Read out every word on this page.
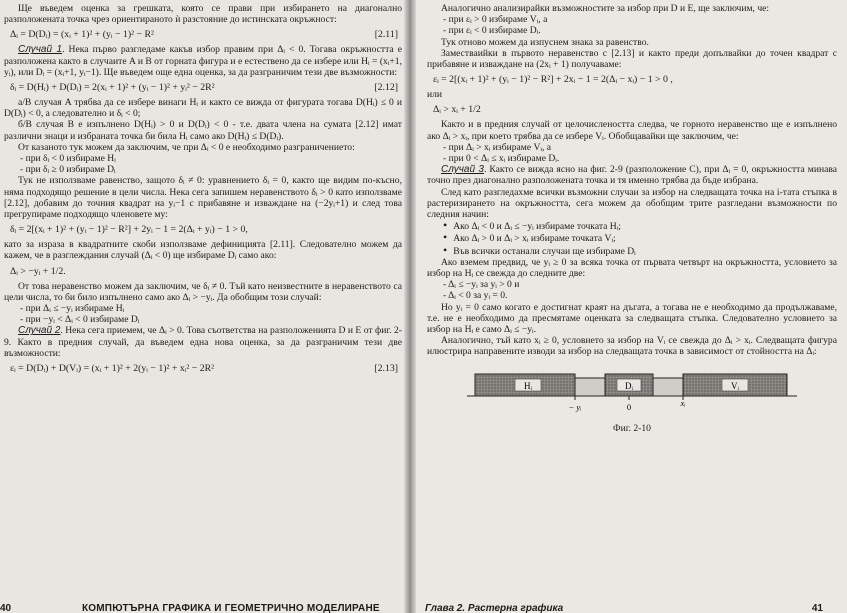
Ще въведем оценка за грешката, която се прави при избирането на диагонално разположената точка чрез ориентираното ѝ разстояние до истинската окръжност:

Δᵢ = D(Dᵢ) = (xᵢ + 1)² + (yᵢ − 1)² − R²	[2.11]

Случай 1. Нека първо разгледаме какъв избор правим при Δᵢ < 0. Тогава окръжността е разположена както в случаите A и B от горната фигура и е естествено да се избере или Hᵢ = (xᵢ+1, yᵢ), или Dᵢ = (xᵢ+1, yᵢ−1). Ще въведем още една оценка, за да разграничим тези две възможности:

δᵢ = D(Hᵢ) + D(Dᵢ) = 2(xᵢ + 1)² + (yᵢ − 1)² + yᵢ² − 2R²	[2.12]

а/В случая A трябва да се избере винаги Hᵢ и както се вижда от фигурата тогава D(Hᵢ) ≤ 0 и D(Dᵢ) < 0, а следователно и δᵢ < 0;

б/В случая B е изпълнено D(Hᵢ) > 0 и D(Dᵢ) < 0 - т.е. двата члена на сумата [2.12] имат различни знаци и избраната точка би била Hᵢ само ако D(Hᵢ) ≤ D(Dᵢ).

От казаното тук можем да заключим, че при Δᵢ < 0 е необходимо разграничението:

- при δᵢ < 0 избираме Hᵢ
- при δᵢ ≥ 0 избираме Dᵢ

Тук не използваме равенство, защото δᵢ ≠ 0: уравнението δᵢ = 0, както ще видим по-късно, няма подходящо решение в цели числа. Нека сега запишем неравенството δᵢ > 0 като използваме [2.12], добавим до точния квадрат на yᵢ−1 с прибавяне и изваждане на (−2yᵢ+1) и след това прегрупираме подходящо членовете му:

δᵢ = 2[(xᵢ + 1)² + (yᵢ − 1)² − R²] + 2yᵢ − 1 = 2(Δᵢ + yᵢ) − 1 > 0,

като за израза в квадратните скоби използваме дефиницията [2.11]. Следователно можем да кажем, че в разглеждания случай (Δᵢ < 0) ще избираме Dᵢ само ако:

Δᵢ > −yᵢ + 1/2.

От това неравенство можем да заключим, че δᵢ ≠ 0. Тъй като неизвестните в неравенството са цели числа, то би било изпълнено само ако Δᵢ > −yᵢ. Да обобщим този случай:

- при Δᵢ ≤ −yᵢ избираме Hᵢ
- при −yᵢ < Δᵢ < 0 избираме Dᵢ

Случай 2. Нека сега приемем, че Δᵢ > 0. Това съответства на разположенията D и E от фиг. 2-9. Както в предния случай, да въведем една нова оценка, за да разграничим тези две възможности:

εᵢ = D(Dᵢ) + D(Vᵢ) = (xᵢ + 1)² + 2(yᵢ − 1)² + xᵢ² − 2R²	[2.13]
40	КОМПЮТЪРНА ГРАФИКА И ГЕОМЕТРИЧНО МОДЕЛИРАНЕ

Аналогично анализирайки възможностите за избор при D и E, ще заключим, че:

- при εᵢ > 0 избираме Vᵢ, а
- при εᵢ < 0 избираме Dᵢ.

Тук отново можем да изпуснем знака за равенство.

Заместваийки в първото неравенство с [2.13] и както преди допълвайки до точен квадрат с прибавяне и изваждане на (2xᵢ + 1) получаваме:

εᵢ = 2[(xᵢ + 1)² + (yᵢ − 1)² − R²] + 2xᵢ − 1 = 2(Δᵢ − xᵢ) − 1 > 0 ,

или

Δᵢ > xᵢ + 1/2

Както и в предния случай от целочислеността следва, че горното неравенство ще е изпълнено ако Δᵢ > xᵢ, при което трябва да се избере Vᵢ. Обобщавайки ще заключим, че:

- при Δᵢ > xᵢ избираме Vᵢ, а
- при 0 < Δᵢ ≤ xᵢ избираме Dᵢ.

Случай 3. Както се вижда ясно на фиг. 2-9 (разположение C), при Δᵢ = 0, окръжността минава точно през диагонално разположената точка и тя именно трябва да бъде избрана.

След като разгледахме всички възможни случаи за избор на следващата точка на i-тата стъпка в растеризирането на окръжността, сега можем да обобщим трите разгледани възможности по следния начин:

• Ако Δᵢ < 0 и Δᵢ ≤ −yᵢ избираме точката Hᵢ;
• Ако Δᵢ > 0 и Δᵢ > xᵢ избираме точката Vᵢ;
• Във всички останали случаи ще избираме Dᵢ

Ако вземем предвид, че yᵢ ≥ 0 за всяка точка от първата четвърт на окръжността, условието за избор на Hᵢ се свежда до следните две:

- Δᵢ ≤ −yᵢ за yᵢ > 0 и
- Δᵢ < 0 за yᵢ = 0.

Но yᵢ = 0 само когато е достигнат краят на дъгата, а тогава не е необходимо да продължаваме, т.е. не е необходимо да пресмятаме оценката за следващата стъпка. Следователно условието за избор на Hᵢ е само Δᵢ ≤ −yᵢ.

Аналогично, тъй като xᵢ ≥ 0, условието за избор на Vᵢ се свежда до Δᵢ > xᵢ. Следващата фигура илюстрира направените изводи за избор на следващата точка в зависимост от стойността на Δᵢ:

Hᵢ	Dᵢ	Vᵢ
− yᵢ	0	xᵢ
Фиг. 2-10
Глава 2. Растерна графика	41
